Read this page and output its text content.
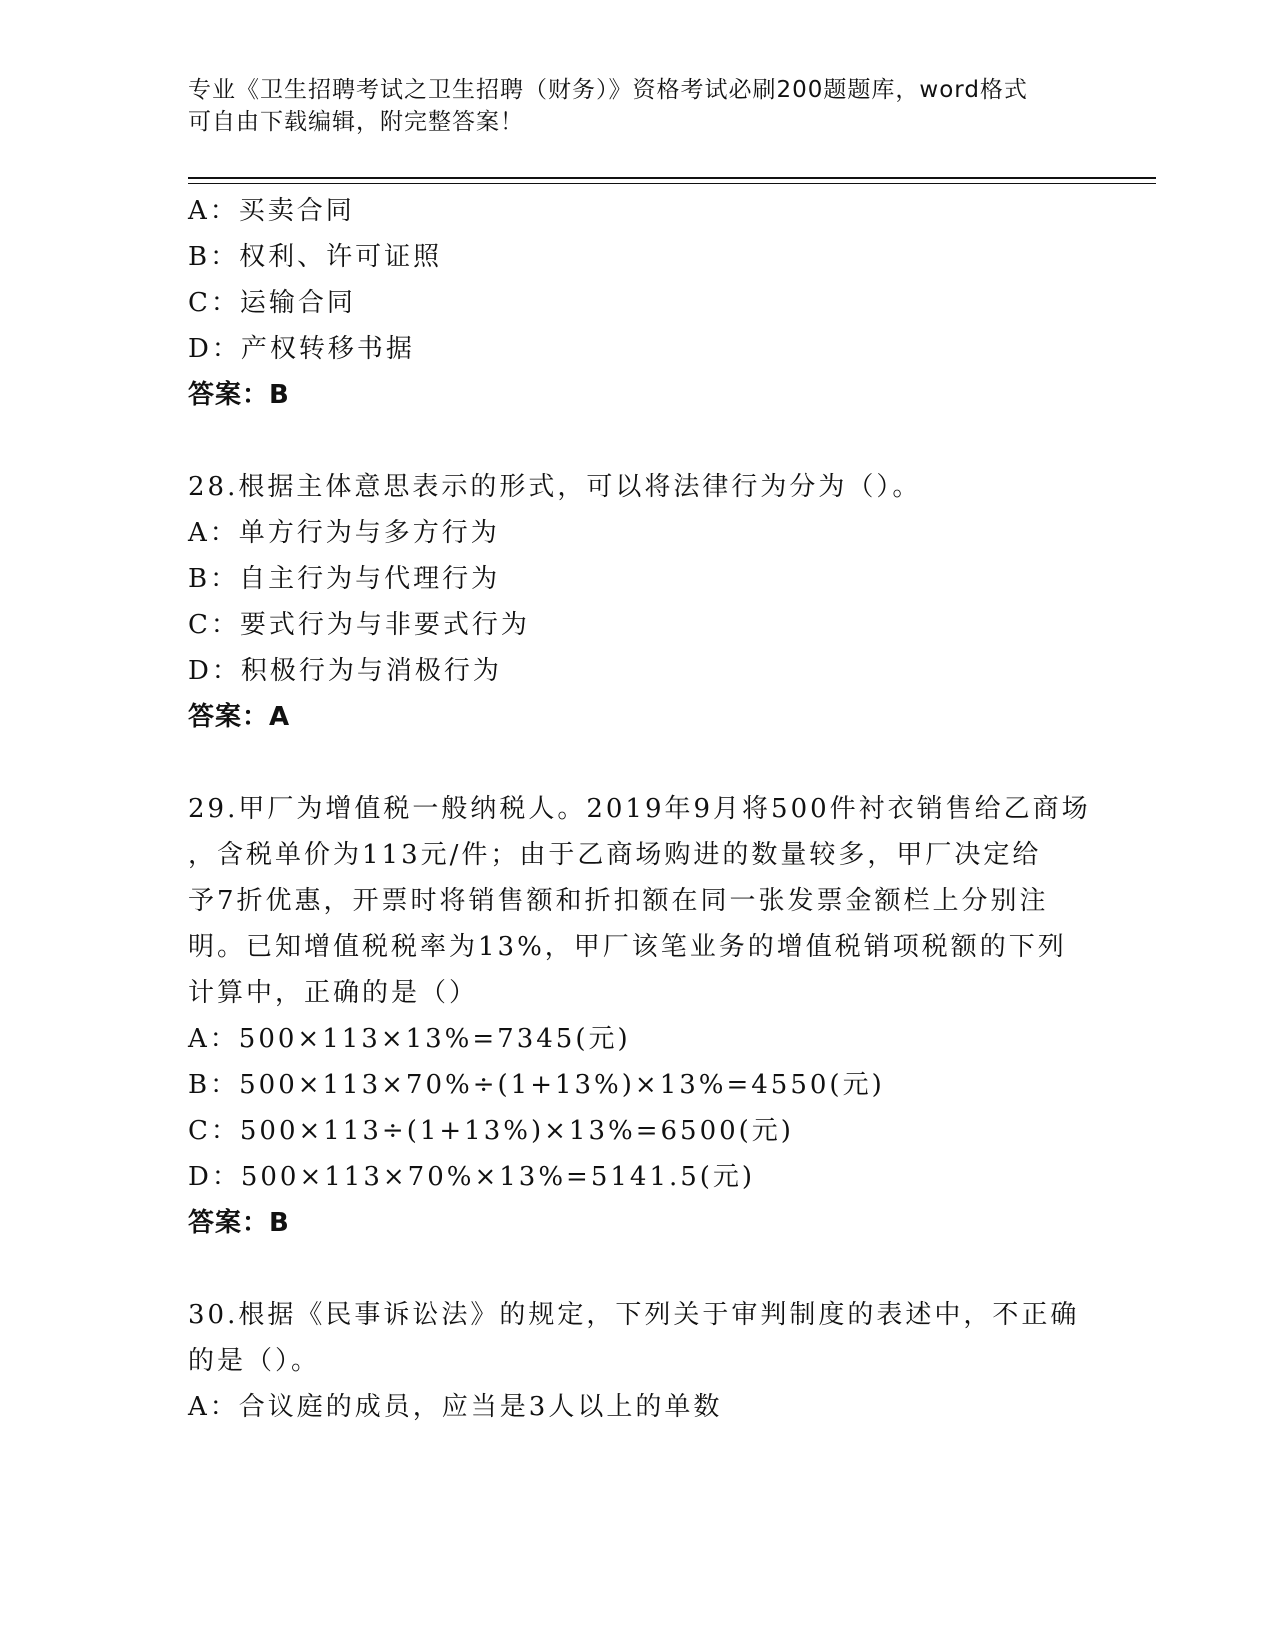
专业《卫生招聘考试之卫生招聘（财务）》资格考试必刷200题题库，word格式
可自由下载编辑，附完整答案！
A：买卖合同
B：权利、许可证照
C：运输合同
D：产权转移书据
答案：B
28.根据主体意思表示的形式，可以将法律行为分为（）。
A：单方行为与多方行为
B：自主行为与代理行为
C：要式行为与非要式行为
D：积极行为与消极行为
答案：A
29.甲厂为增值税一般纳税人。2019年9月将500件衬衣销售给乙商场
，含税单价为113元/件；由于乙商场购进的数量较多，甲厂决定给
予7折优惠，开票时将销售额和折扣额在同一张发票金额栏上分别注
明。已知增值税税率为13%，甲厂该笔业务的增值税销项税额的下列
计算中，正确的是（）
A：500×113×13%=7345(元)
B：500×113×70%÷(1+13%)×13%=4550(元)
C：500×113÷(1+13%)×13%=6500(元)
D：500×113×70%×13%=5141.5(元)
答案：B
30.根据《民事诉讼法》的规定，下列关于审判制度的表述中，不正确
的是（）。
A：合议庭的成员，应当是3人以上的单数
